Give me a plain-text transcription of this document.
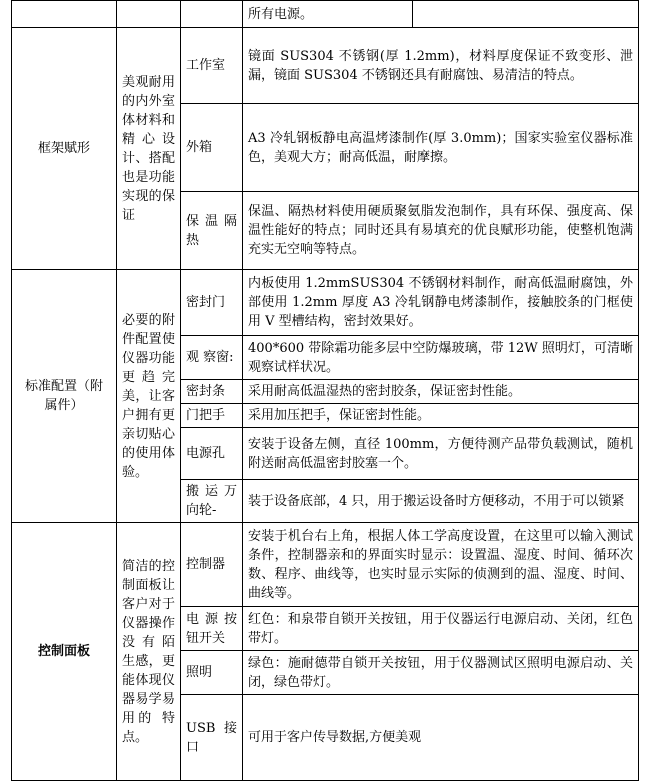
			所有电源。	
框架赋形	美观耐用的内外室体材料和精心设计、搭配也是功能实现的保证	工作室	镜面 SUS304 不锈钢(厚 1.2mm)，材料厚度保证不致变形、泄漏，镜面 SUS304 不锈钢还具有耐腐蚀、易清洁的特点。	
		外箱	A3 冷轧钢板静电高温烤漆制作(厚 3.0mm)；国家实验室仪器标准色，美观大方；耐高低温，耐摩擦。	
		保温隔热	保温、隔热材料使用硬质聚氨脂发泡制作，具有环保、强度高、保温性能好的特点；同时还具有易填充的优良赋形功能，使整机饱满充实无空响等特点。	
标准配置（附属件）	必要的附件配置使仪器功能更趋完美，让客户拥有更亲切贴心的使用体验。	密封门	内板使用 1.2mmSUS304 不锈钢材料制作，耐高低温耐腐蚀，外部使用 1.2mm 厚度 A3 冷轧钢静电烤漆制作，接触胶条的门框使用 V 型槽结构，密封效果好。	
		观 察窗:	400*600 带除霜功能多层中空防爆玻璃，带 12W 照明灯，可清晰观察试样状况。	
		密封条	采用耐高低温湿热的密封胶条，保证密封性能。	
		门把手	采用加压把手，保证密封性能。	
		电源孔	安装于设备左侧，直径 100mm，方便待测产品带负载测试，随机附送耐高低温密封胶塞一个。	
		搬运万向轮-	装于设备底部，4 只，用于搬运设备时方便移动，不用于可以锁紧	
控制面板	简洁的控制面板让客户对于仪器操作没有陌 生感，更能体现仪器易学易用的 特点。	控制器	安装于机台右上角，根据人体工学高度设置，在这里可以输入测试条件，控制器亲和的界面实时显示：设置温、湿度、时间、循环次数、程序、曲线等，也实时显示实际的侦测到的温、湿度、时间、曲线等。	
		电源按钮开关	红色：和泉带自锁开关按钮，用于仪器运行电源启动、关闭，红色带灯。	
		照明	绿色：施耐德带自锁开关按钮，用于仪器测试区照明电源启动、关闭，绿色带灯。	
		USB 接口	可用于客户传导数据,方便美观	
